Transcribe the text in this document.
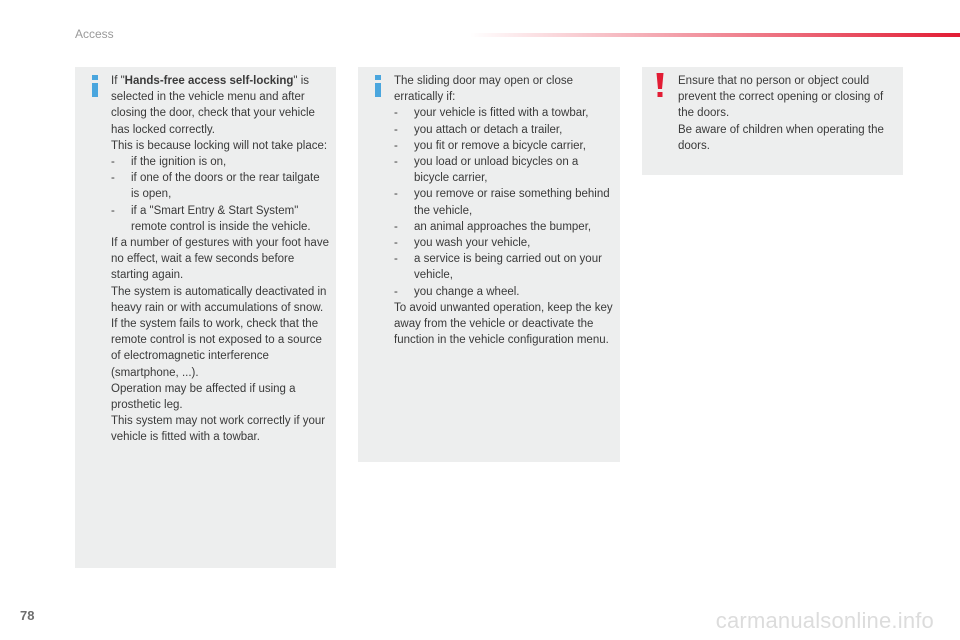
Access

If "Hands-free access self-locking" is selected in the vehicle menu and after closing the door, check that your vehicle has locked correctly.

This is because locking will not take place:

-	if the ignition is on,
-	if one of the doors or the rear tailgate is open,
-	if a "Smart Entry & Start System" remote control is inside the vehicle.

If a number of gestures with your foot have no effect, wait a few seconds before starting again.

The system is automatically deactivated in heavy rain or with accumulations of snow.

If the system fails to work, check that the remote control is not exposed to a source of electromagnetic interference (smartphone, ...).

Operation may be affected if using a prosthetic leg.

This system may not work correctly if your vehicle is fitted with a towbar.

The sliding door may open or close erratically if:

-	your vehicle is fitted with a towbar,
-	you attach or detach a trailer,
-	you fit or remove a bicycle carrier,
-	you load or unload bicycles on a bicycle carrier,
-	you remove or raise something behind the vehicle,
-	an animal approaches the bumper,
-	you wash your vehicle,
-	a service is being carried out on your vehicle,
-	you change a wheel.

To avoid unwanted operation, keep the key away from the vehicle or deactivate the function in the vehicle configuration menu.

Ensure that no person or object could prevent the correct opening or closing of the doors.

Be aware of children when operating the doors.

78	carmanualsonline.info
